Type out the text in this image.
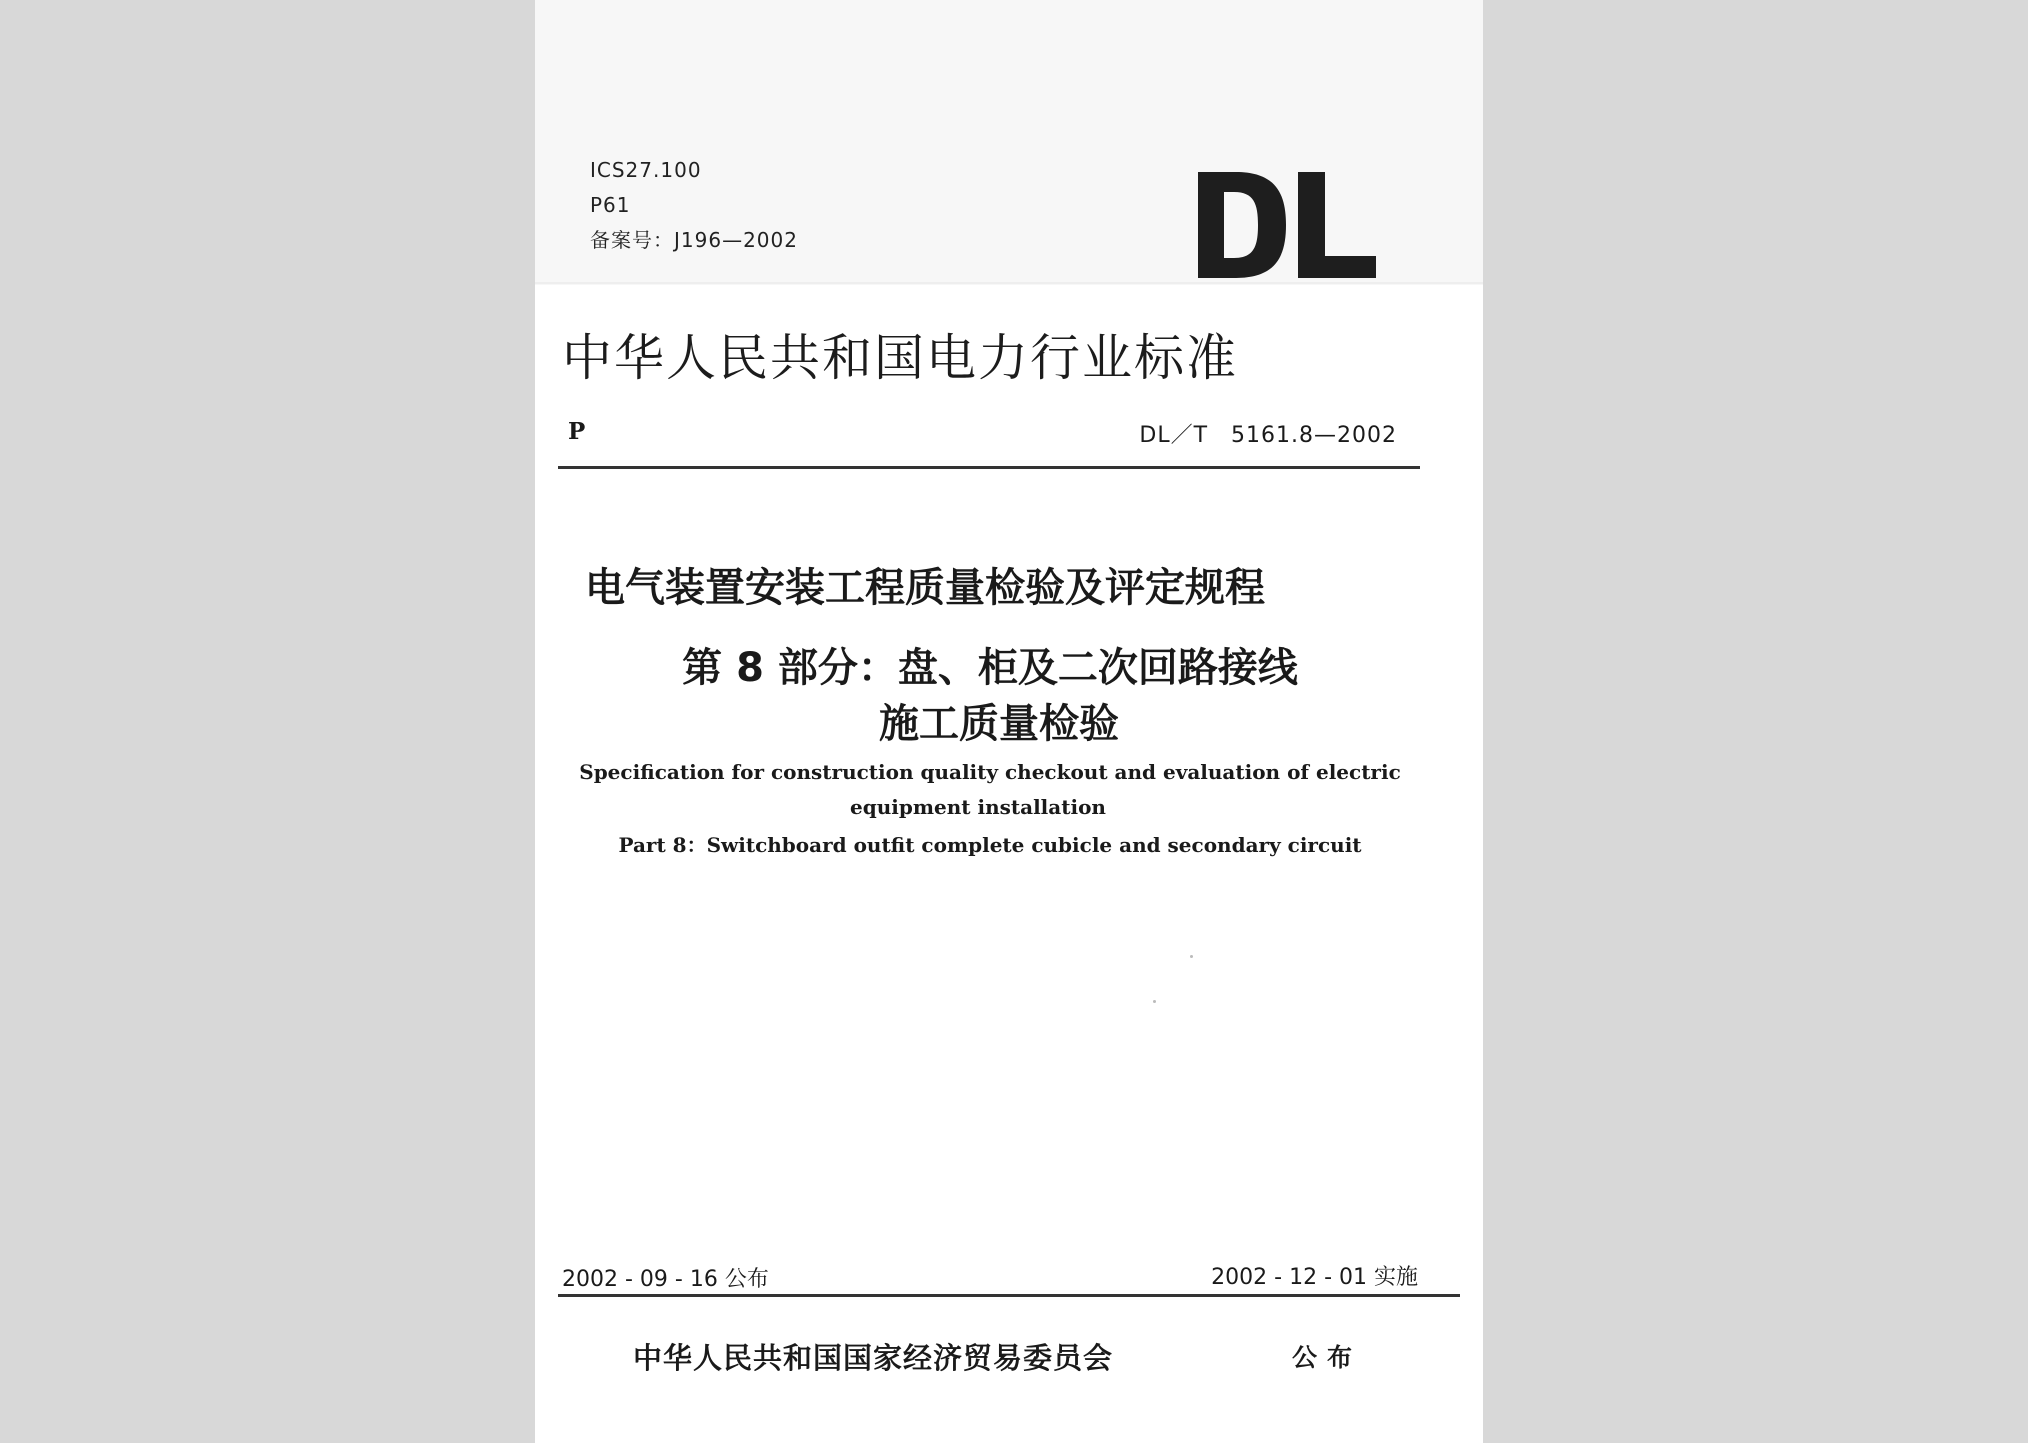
ICS27.100
P61
备案号：J196—2002
中华人民共和国电力行业标准
P	DL／T　5161.8—2002
电气装置安装工程质量检验及评定规程
第 8 部分：盘、柜及二次回路接线
施工质量检验
Specification for construction quality checkout and evaluation of electric
equipment installation
Part 8：Switchboard outfit complete cubicle and secondary circuit
2002 - 09 - 16 公布	2002 - 12 - 01 实施
中华人民共和国国家经济贸易委员会	公布
